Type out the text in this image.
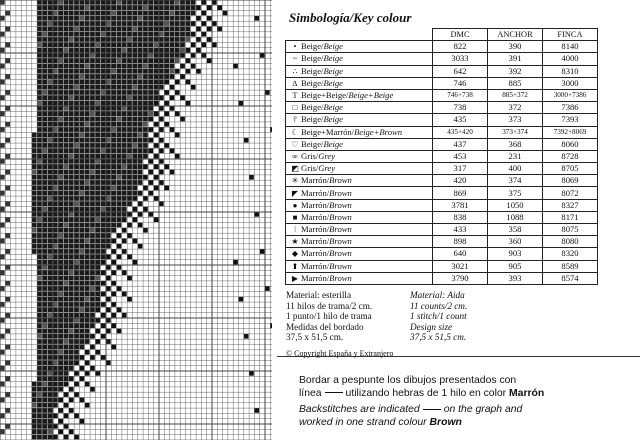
Simbología/Key colour
	DMC	ANCHOR	FINCA
• Beige/Beige	822	390	8140
~ Beige/Beige	3033	391	4000
∴ Beige/Beige	642	392	8310
∆ Beige/Beige	746	885	3000
T Beige+Beige/Beige+Beige	746+738	885+372	3000+7386
□ Beige/Beige	738	372	7386
⫯ Beige/Beige	435	373	7393
☾ Beige+Marrón/Beige+Brown	435+420	373+374	7392+8069
♡ Beige/Beige	437	368	8060
∞ Gris/Grey	453	231	8728
◩ Gris/Grey	317	400	8705
✳ Marrón/Brown	420	374	8069
◤ Marrón/Brown	869	375	8072
● Marrón/Brown	3781	1050	8327
■ Marrón/Brown	838	1088	8171
ǀ Marrón/Brown	433	358	8075
★ Marrón/Brown	898	360	8080
◆ Marrón/Brown	640	903	8320
⬆ Marrón/Brown	3021	905	8589
▶ Marrón/Brown	3790	393	8574
Material: esterilla
11 hilos de trama/2 cm.
1 punto/1 hilo de trama
Medidas del bordado
37,5 x 51,5 cm.
Material: Aida
11 counts/2 cm.
1 stitch/1 count
Design size
37,5 x 51,5 cm.
© Copyright España y Extranjero
Bordar a pespunte los dibujos presentados con
línea utilizando hebras de 1 hilo en color Marrón
Backstitches are indicated on the graph and
worked in one strand colour Brown
